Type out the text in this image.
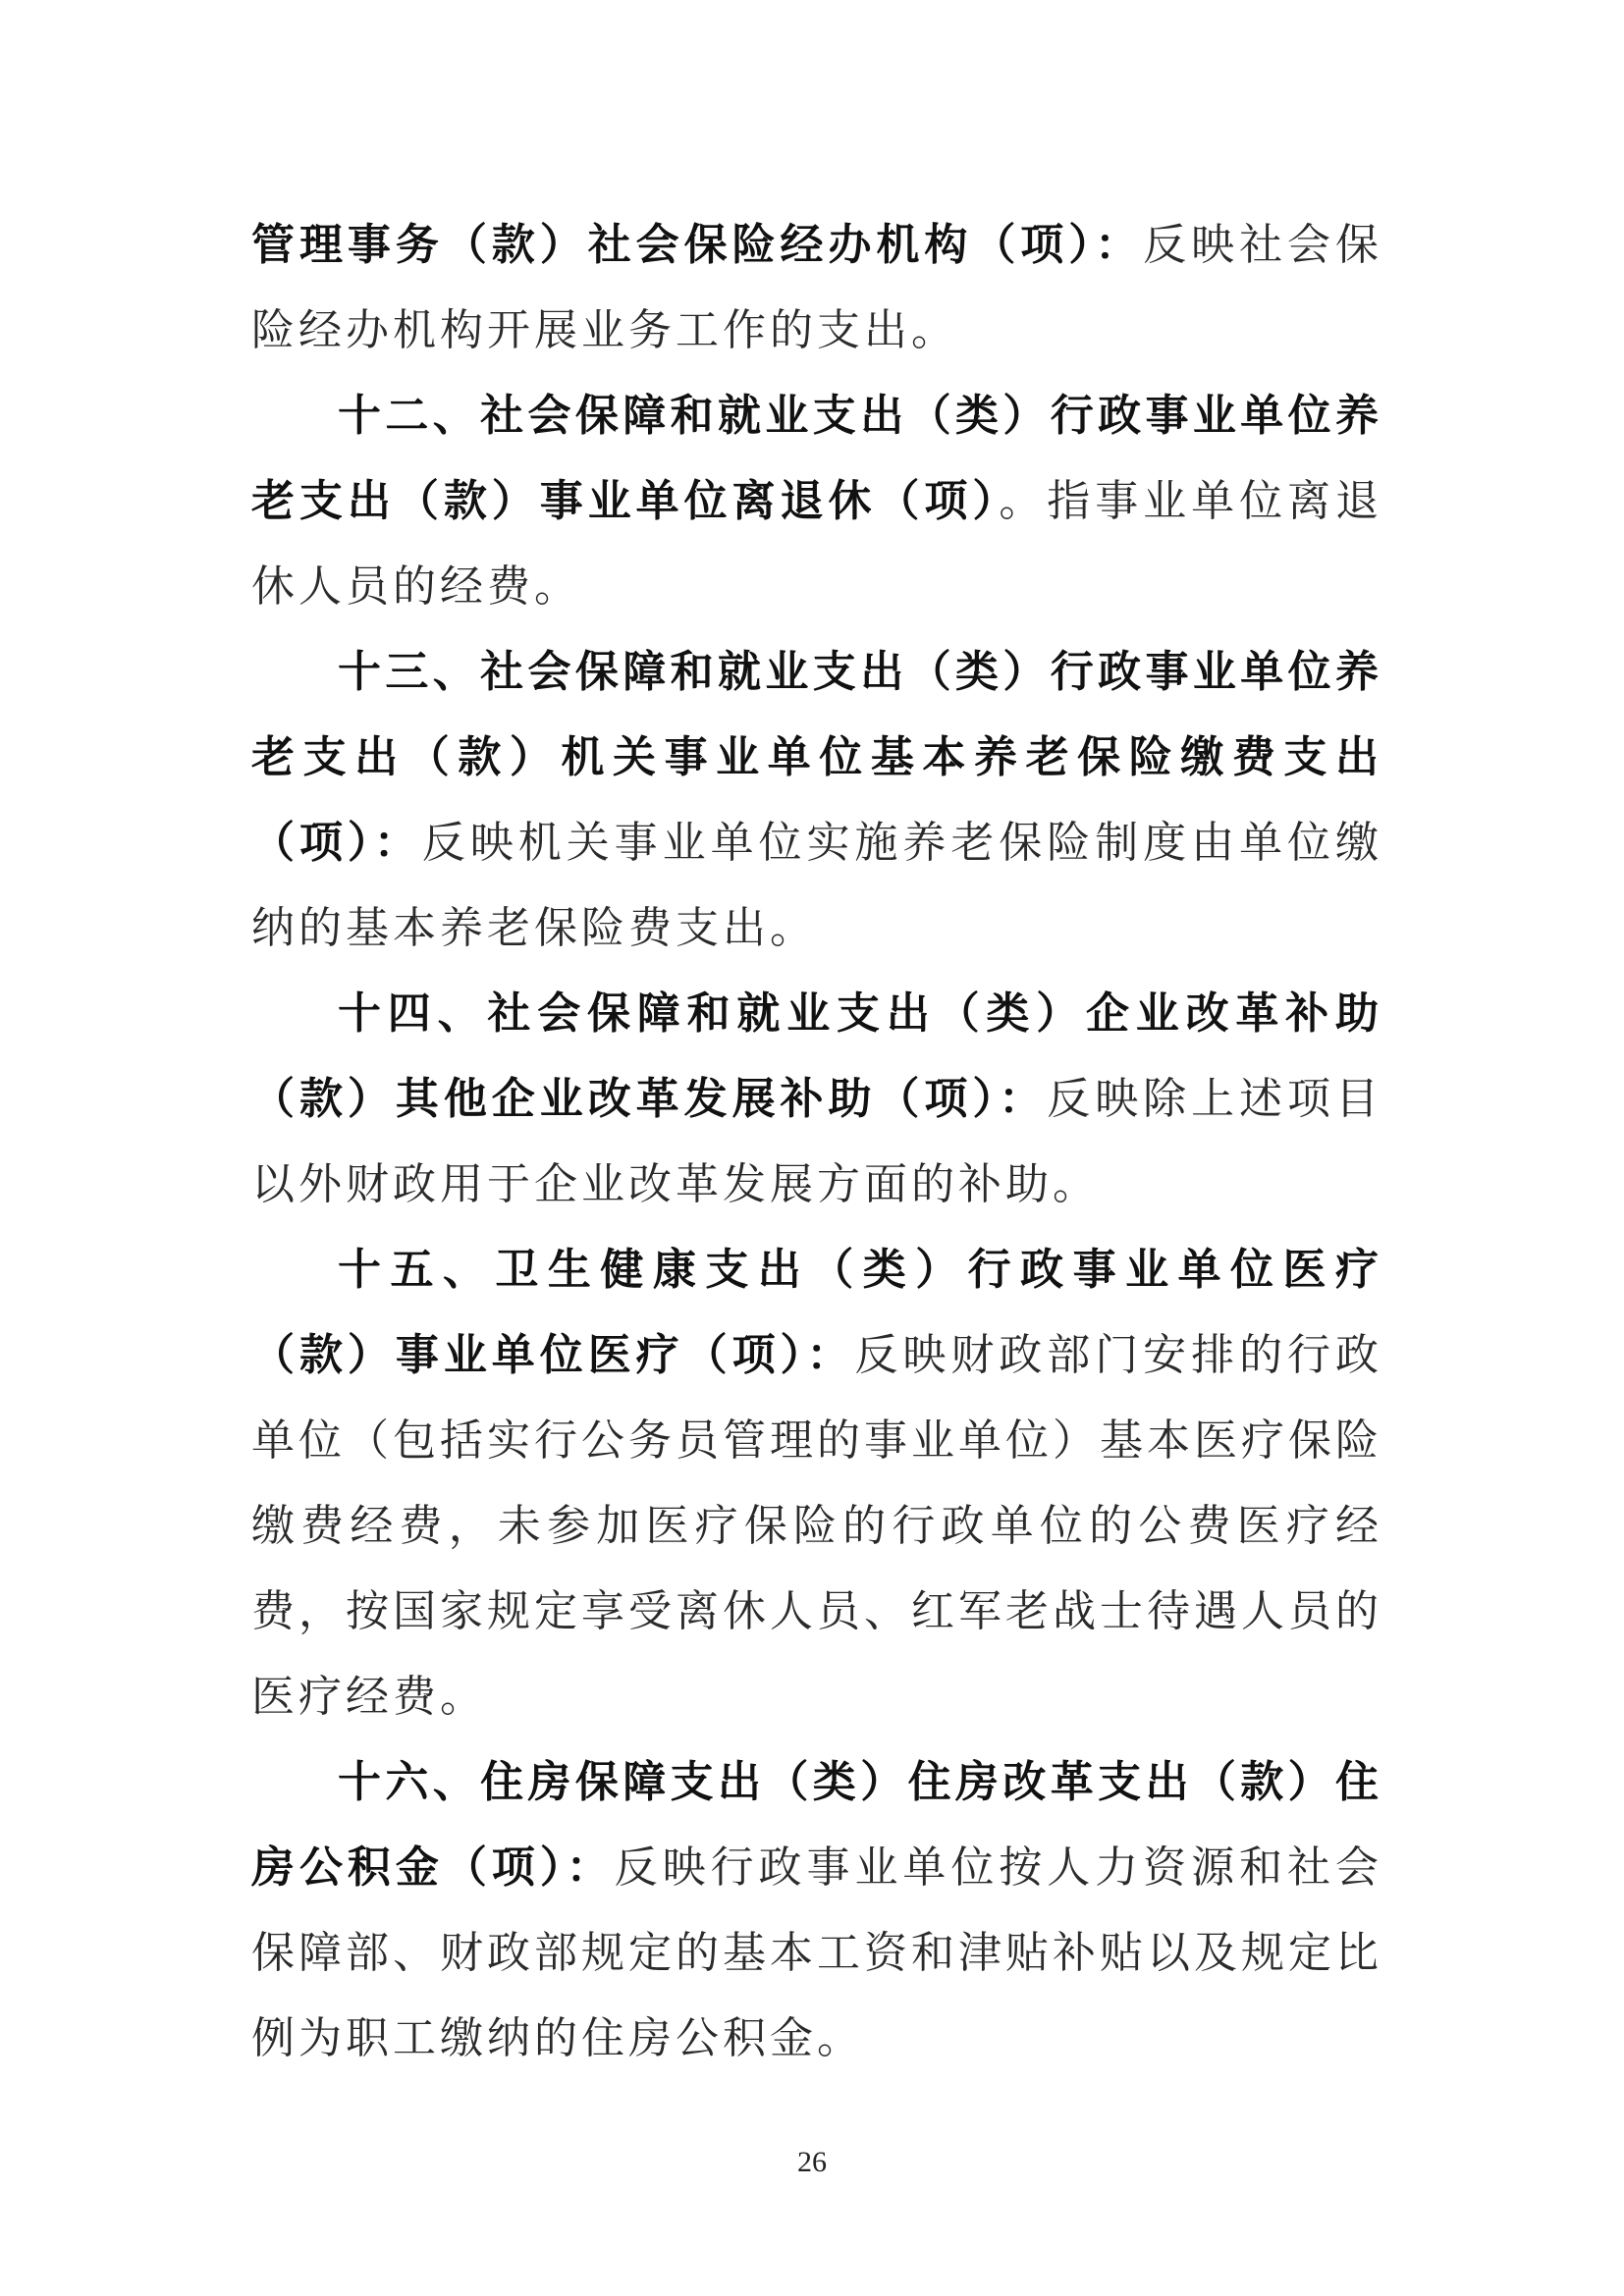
管理事务（款）社会保险经办机构（项）：反映社会保险经办机构开展业务工作的支出。

十二、社会保障和就业支出（类）行政事业单位养老支出（款）事业单位离退休（项）。指事业单位离退休人员的经费。

十三、社会保障和就业支出（类）行政事业单位养老支出（款）机关事业单位基本养老保险缴费支出（项）：反映机关事业单位实施养老保险制度由单位缴纳的基本养老保险费支出。

十四、社会保障和就业支出（类）企业改革补助（款）其他企业改革发展补助（项）：反映除上述项目以外财政用于企业改革发展方面的补助。

十五、卫生健康支出（类）行政事业单位医疗（款）事业单位医疗（项）：反映财政部门安排的行政单位（包括实行公务员管理的事业单位）基本医疗保险缴费经费，未参加医疗保险的行政单位的公费医疗经费，按国家规定享受离休人员、红军老战士待遇人员的医疗经费。

十六、住房保障支出（类）住房改革支出（款）住房公积金（项）：反映行政事业单位按人力资源和社会保障部、财政部规定的基本工资和津贴补贴以及规定比例为职工缴纳的住房公积金。

26
